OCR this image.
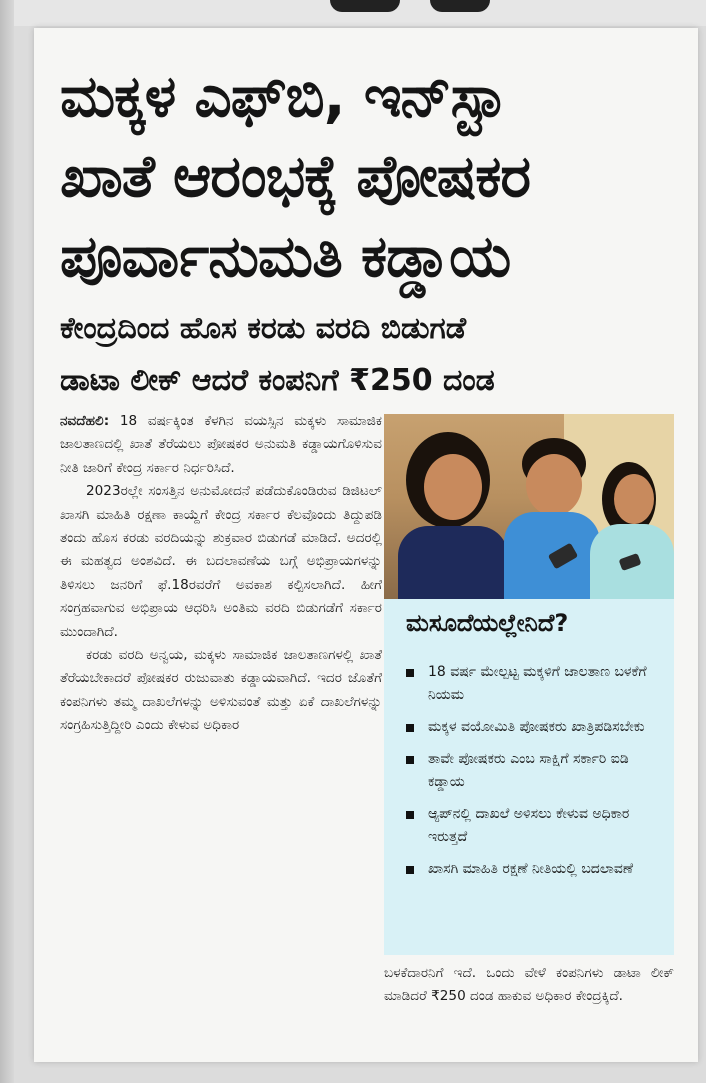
ಮಕ್ಕಳ ಎಫ್‌ಬಿ, ಇನ್‌ಸ್ಟಾ
ಖಾತೆ ಆರಂಭಕ್ಕೆ ಪೋಷಕರ
ಪೂರ್ವಾನುಮತಿ ಕಡ್ಡಾಯ
ಕೇಂದ್ರದಿಂದ ಹೊಸ ಕರಡು ವರದಿ ಬಿಡುಗಡೆ
ಡಾಟಾ ಲೀಕ್ ಆದರೆ ಕಂಪನಿಗೆ ₹250 ದಂಡ

ನವದೆಹಲಿ: 18 ವರ್ಷಕ್ಕಿಂತ ಕೆಳಗಿನ ವಯಸ್ಸಿನ ಮಕ್ಕಳು ಸಾಮಾಜಿಕ ಜಾಲತಾಣದಲ್ಲಿ ಖಾತೆ ತೆರೆಯಲು ಪೋಷಕರ ಅನುಮತಿ ಕಡ್ಡಾಯಗೊಳಿಸುವ ನೀತಿ ಜಾರಿಗೆ ಕೇಂದ್ರ ಸರ್ಕಾರ ನಿರ್ಧರಿಸಿದೆ.

2023ರಲ್ಲೇ ಸಂಸತ್ತಿನ ಅನುಮೋದನೆ ಪಡೆದುಕೊಂಡಿರುವ ಡಿಜಿಟಲ್ ಖಾಸಗಿ ಮಾಹಿತಿ ರಕ್ಷಣಾ ಕಾಯ್ದೆಗೆ ಕೇಂದ್ರ ಸರ್ಕಾರ ಕೆಲವೊಂದು ತಿದ್ದುಪಡಿ ತಂದು ಹೊಸ ಕರಡು ವರದಿಯನ್ನು ಶುಕ್ರವಾರ ಬಿಡುಗಡೆ ಮಾಡಿದೆ. ಅದರಲ್ಲಿ ಈ ಮಹತ್ವದ ಅಂಶವಿದೆ. ಈ ಬದಲಾವಣೆಯ ಬಗ್ಗೆ ಅಭಿಪ್ರಾಯಗಳನ್ನು ತಿಳಿಸಲು ಜನರಿಗೆ ಫೆ.18ರವರೆಗೆ ಅವಕಾಶ ಕಲ್ಪಿಸಲಾಗಿದೆ. ಹೀಗೆ ಸಂಗ್ರಹವಾಗುವ ಅಭಿಪ್ರಾಯ ಆಧರಿಸಿ ಅಂತಿಮ ವರದಿ ಬಿಡುಗಡೆಗೆ ಸರ್ಕಾರ ಮುಂದಾಗಿದೆ.

ಕರಡು ವರದಿ ಅನ್ವಯ, ಮಕ್ಕಳು ಸಾಮಾಜಿಕ ಜಾಲತಾಣಗಳಲ್ಲಿ ಖಾತೆ ತೆರೆಯಬೇಕಾದರೆ ಪೋಷಕರ ರುಜುವಾತು ಕಡ್ಡಾಯವಾಗಿದೆ. ಇದರ ಜೊತೆಗೆ ಕಂಪನಿಗಳು ತಮ್ಮ ದಾಖಲೆಗಳನ್ನು ಅಳಿಸುವಂತೆ ಮತ್ತು ಏಕೆ ದಾಖಲೆಗಳನ್ನು ಸಂಗ್ರಹಿಸುತ್ತಿದ್ದೀರಿ ಎಂದು ಕೇಳುವ ಅಧಿಕಾರ

ಮಸೂದೆಯಲ್ಲೇನಿದೆ?
18 ವರ್ಷ ಮೇಲ್ಪಟ್ಟ ಮಕ್ಕಳಿಗೆ ಜಾಲತಾಣ ಬಳಕೆಗೆ ನಿಯಮ
ಮಕ್ಕಳ ವಯೋಮಿತಿ ಪೋಷಕರು ಖಾತ್ರಿಪಡಿಸಬೇಕು
ತಾವೇ ಪೋಷಕರು ಎಂಬ ಸಾಕ್ಷಿಗೆ ಸರ್ಕಾರಿ ಐಡಿ ಕಡ್ಡಾಯ
ಆ್ಯಪ್‌ನಲ್ಲಿ ದಾಖಲೆ ಅಳಿಸಲು ಕೇಳುವ ಅಧಿಕಾರ ಇರುತ್ತದೆ
ಖಾಸಗಿ ಮಾಹಿತಿ ರಕ್ಷಣೆ ನೀತಿಯಲ್ಲಿ ಬದಲಾವಣೆ
ಬಳಕೆದಾರನಿಗೆ ಇದೆ. ಒಂದು ವೇಳೆ ಕಂಪನಿಗಳು ಡಾಟಾ ಲೀಕ್ ಮಾಡಿದರೆ ₹250 ದಂಡ ಹಾಕುವ ಅಧಿಕಾರ ಕೇಂದ್ರಕ್ಕಿದೆ.
